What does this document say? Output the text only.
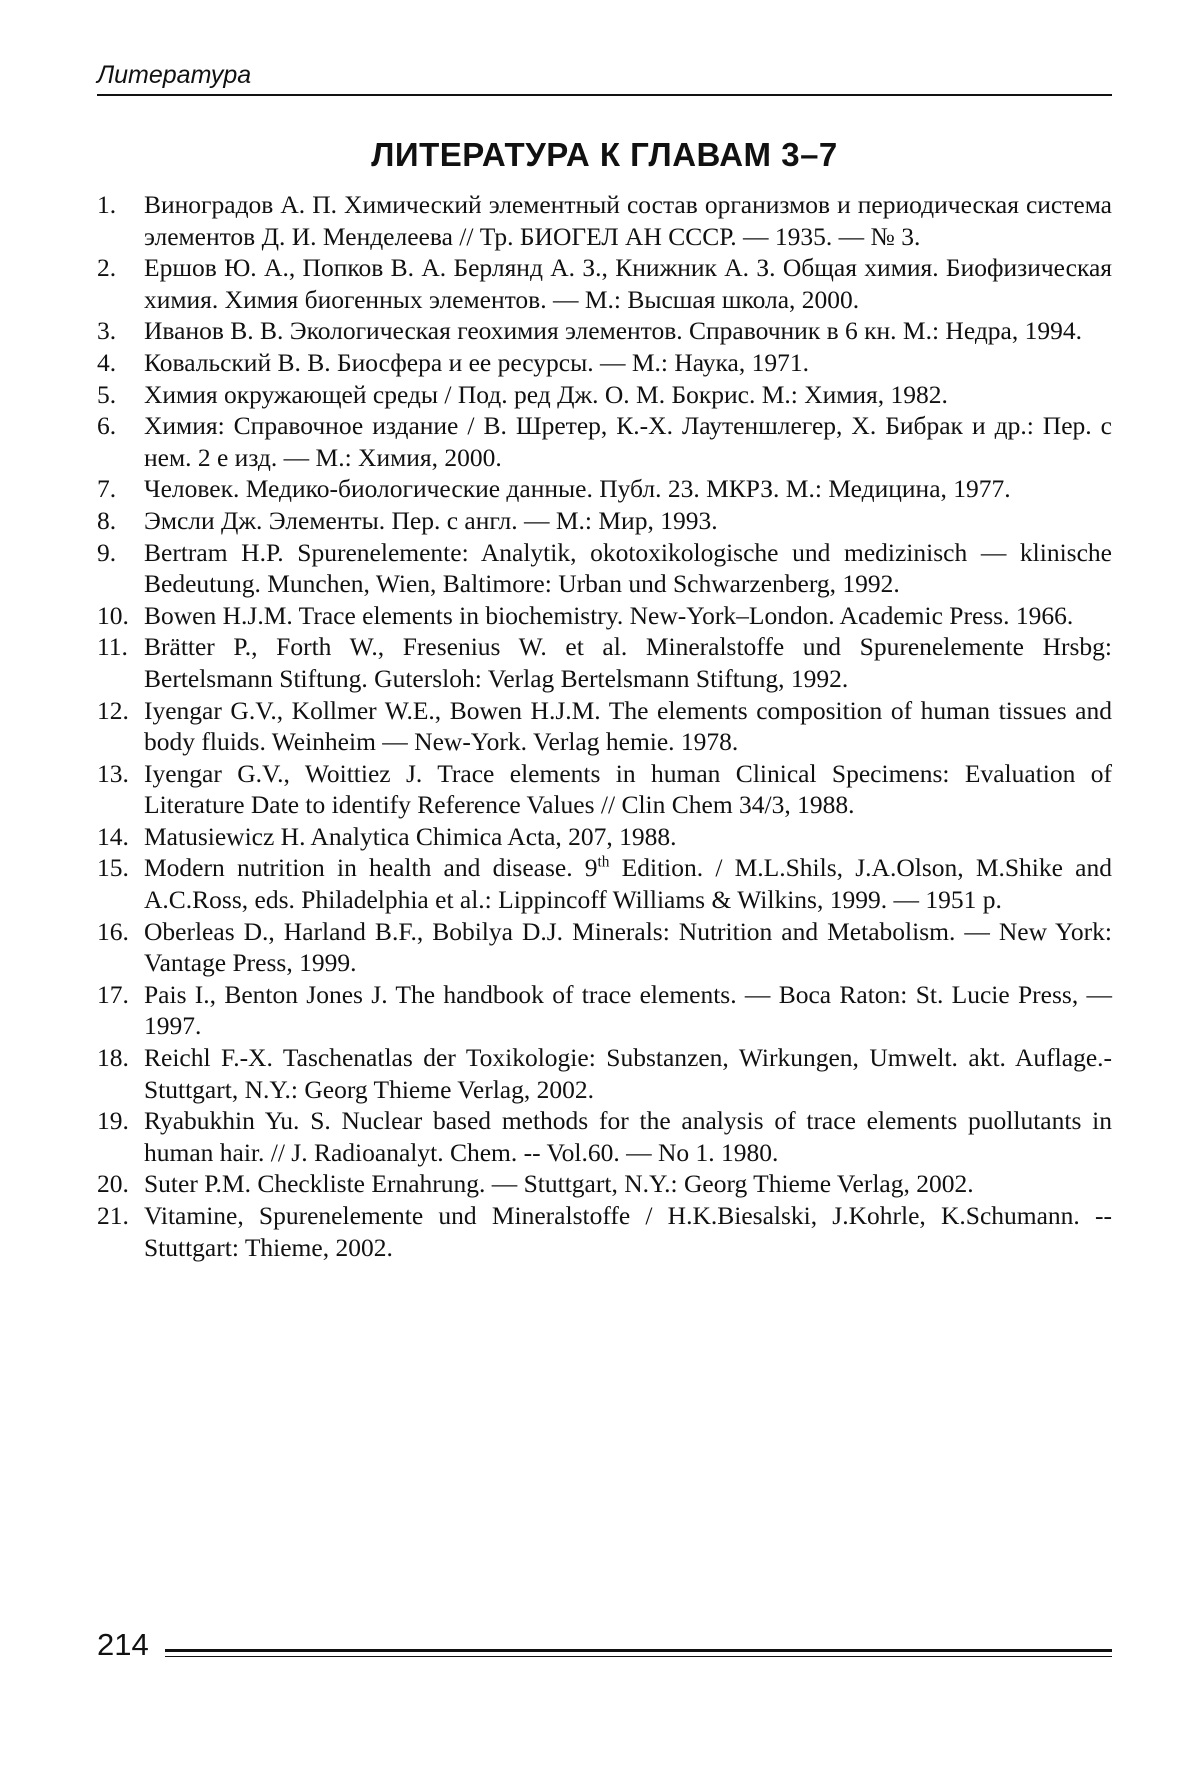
Литература
ЛИТЕРАТУРА К ГЛАВАМ 3–7
1.	Виноградов А. П. Химический элементный состав организмов и периодическая система элементов Д. И. Менделеева // Тр. БИОГЕЛ АН СССР. — 1935. — № 3.
2.	Ершов Ю. А., Попков В. А. Берлянд А. З., Книжник А. З. Общая химия. Биофизическая химия. Химия биогенных элементов. — М.: Высшая школа, 2000.
3.	Иванов В. В. Экологическая геохимия элементов. Справочник в 6 кн. М.: Недра, 1994.
4.	Ковальский В. В. Биосфера и ее ресурсы. — М.: Наука, 1971.
5.	Химия окружающей среды / Под. ред Дж. О. М. Бокрис. М.: Химия, 1982.
6.	Химия: Справочное издание / В. Шретер, К.-Х. Лаутеншлегер, Х. Бибрак и др.: Пер. с нем. 2 е изд. — М.: Химия, 2000.
7.	Человек. Медико-биологические данные. Публ. 23. МКРЗ. М.: Медицина, 1977.
8.	Эмсли Дж. Элементы. Пер. с англ. — М.: Мир, 1993.
9.	Bertram H.P. Spurenelemente: Analytik, okotoxikologische und medizinisch — klinische Bedeutung. Munchen, Wien, Baltimore: Urban und Schwarzenberg, 1992.
10. Bowen H.J.M. Trace elements in biochemistry. New-York–London. Academic Press. 1966.
11. Brätter P., Forth W., Fresenius W. et al. Mineralstoffe und Spurenelemente Hrsbg: Bertelsmann Stiftung. Gutersloh: Verlag Bertelsmann Stiftung, 1992.
12. Iyengar G.V., Kollmer W.E., Bowen H.J.M. The elements composition of human tissues and body fluids. Weinheim — New-York. Verlag hemie. 1978.
13. Iyengar G.V., Woittiez J. Trace elements in human Clinical Specimens: Evaluation of Literature Date to identify Reference Values // Clin Chem 34/3, 1988.
14. Matusiewicz H. Analytica Chimica Acta, 207, 1988.
15. Modern nutrition in health and disease. 9th Edition. / M.L.Shils, J.A.Olson, M.Shike and A.C.Ross, eds. Philadelphia et al.: Lippincoff Williams & Wilkins, 1999. — 1951 p.
16. Oberleas D., Harland B.F., Bobilya D.J. Minerals: Nutrition and Metabolism. — New York: Vantage Press, 1999.
17. Pais I., Benton Jones J. The handbook of trace elements. — Boca Raton: St. Lucie Press, — 1997.
18. Reichl F.-X. Taschenatlas der Toxikologie: Substanzen, Wirkungen, Umwelt. akt. Auflage.-Stuttgart, N.Y.: Georg Thieme Verlag, 2002.
19. Ryabukhin Yu. S. Nuclear based methods for the analysis of trace elements puollutants in human hair. // J. Radioanalyt. Chem. -- Vol.60. — No 1. 1980.
20. Suter P.M. Checkliste Ernahrung. — Stuttgart, N.Y.: Georg Thieme Verlag, 2002.
21. Vitamine, Spurenelemente und Mineralstoffe / H.K.Biesalski, J.Kohrle, K.Schumann. -- Stuttgart: Thieme, 2002.
214
